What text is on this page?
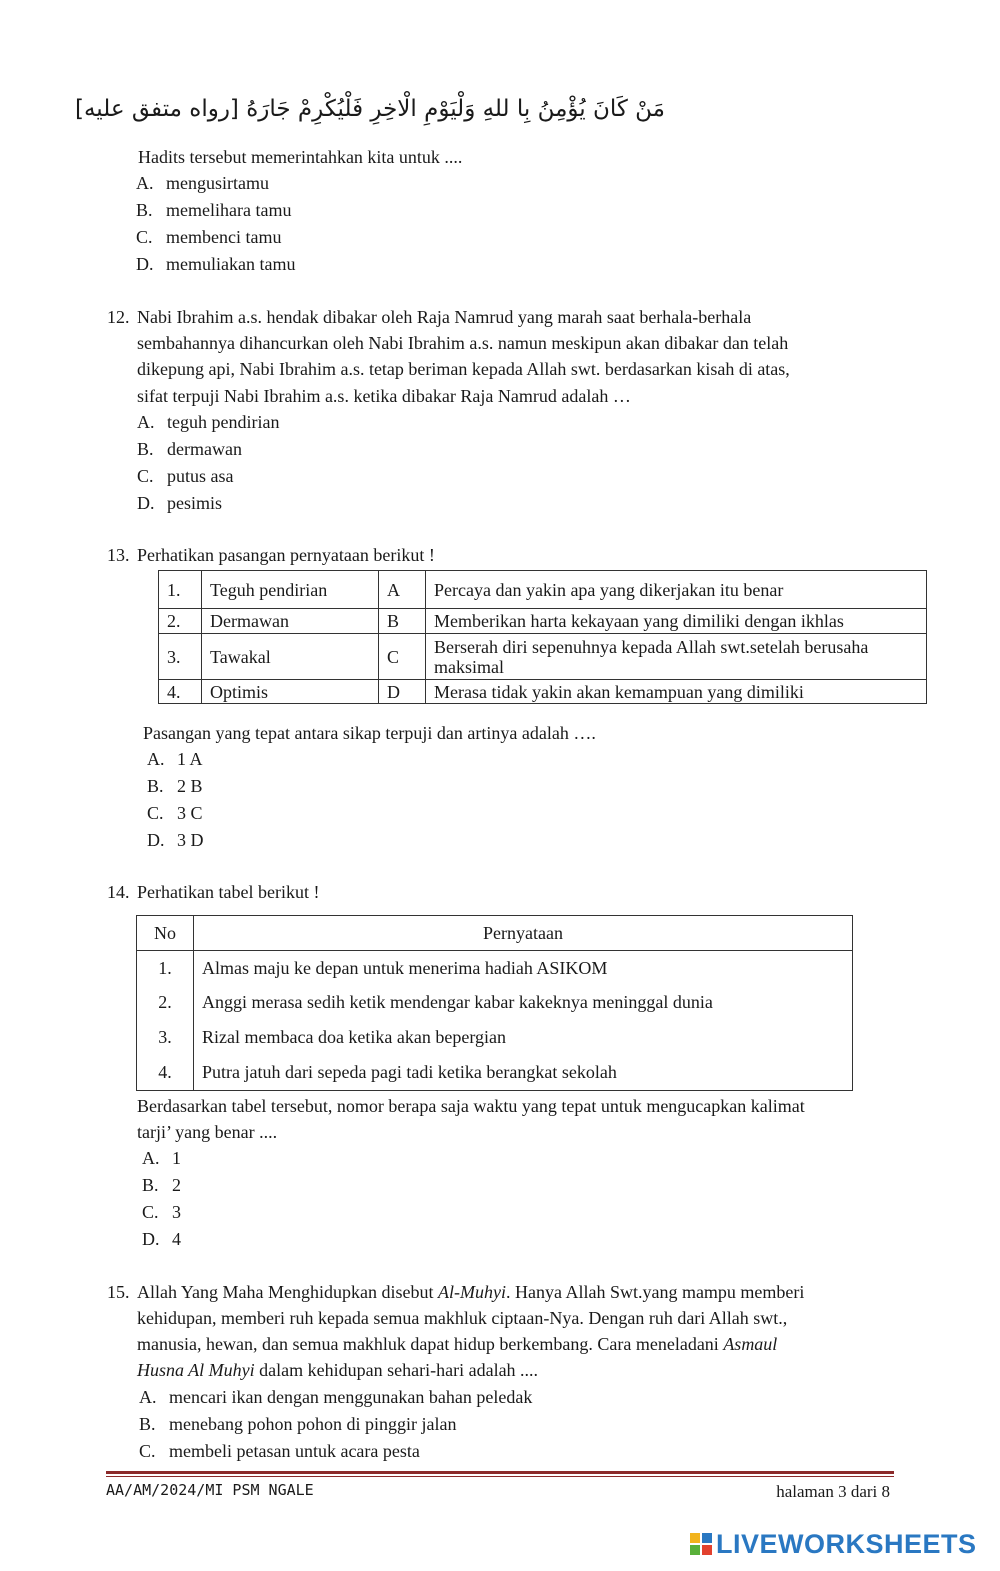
مَنْ كَانَ يُؤْمِنُ بِا للهِ وَلْيَوْمِ الْاخِرِ فَلْيُكْرِمْ جَارَهُ [رواه متفق عليه]
Hadits tersebut memerintahkan kita untuk ....
A. mengusirtamu
B. memelihara tamu
C. membenci tamu
D. memuliakan tamu
12. Nabi Ibrahim a.s. hendak dibakar oleh Raja Namrud yang marah saat berhala-berhala
sembahannya dihancurkan oleh Nabi Ibrahim a.s. namun meskipun akan dibakar dan telah
dikepung api, Nabi Ibrahim a.s. tetap beriman kepada Allah swt. berdasarkan kisah di atas,
sifat terpuji Nabi Ibrahim a.s. ketika dibakar Raja Namrud adalah …
A. teguh pendirian
B. dermawan
C. putus asa
D. pesimis
13. Perhatikan pasangan pernyataan berikut !
1.	Teguh pendirian	A	Percaya dan yakin apa yang dikerjakan itu benar
2.	Dermawan	B	Memberikan harta kekayaan yang dimiliki dengan ikhlas
3.	Tawakal	C	Berserah diri sepenuhnya kepada Allah swt.setelah berusaha maksimal
4.	Optimis	D	Merasa tidak yakin akan kemampuan yang dimiliki
Pasangan yang tepat antara sikap terpuji dan artinya adalah ….
A. 1 A
B. 2 B
C. 3 C
D. 3 D
14. Perhatikan tabel berikut !
No	Pernyataan
1.	Almas maju ke depan untuk menerima hadiah ASIKOM
2.	Anggi merasa sedih ketik mendengar kabar kakeknya meninggal dunia
3.	Rizal membaca doa ketika akan bepergian
4.	Putra jatuh dari sepeda pagi tadi ketika berangkat sekolah
Berdasarkan tabel tersebut, nomor berapa saja waktu yang tepat untuk mengucapkan kalimat
tarji’ yang benar ....
A. 1
B. 2
C. 3
D. 4
15. Allah Yang Maha Menghidupkan disebut Al-Muhyi. Hanya Allah Swt.yang mampu memberi
kehidupan, memberi ruh kepada semua makhluk ciptaan-Nya. Dengan ruh dari Allah swt.,
manusia, hewan, dan semua makhluk dapat hidup berkembang. Cara meneladani Asmaul
Husna Al Muhyi dalam kehidupan sehari-hari adalah ....
A. mencari ikan dengan menggunakan bahan peledak
B. menebang pohon pohon di pinggir jalan
C. membeli petasan untuk acara pesta
AA/AM/2024/MI PSM NGALE	halaman 3 dari 8
LIVEWORKSHEETS
